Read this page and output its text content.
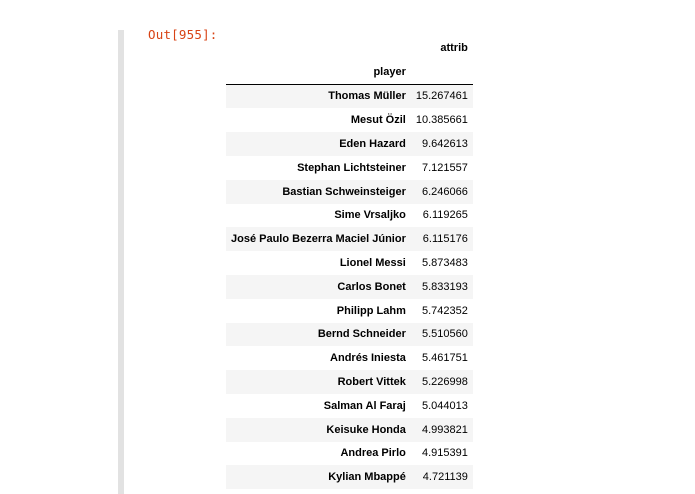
Out[955]:
	attrib
player	
Thomas Müller	15.267461
Mesut Özil	10.385661
Eden Hazard	9.642613
Stephan Lichtsteiner	7.121557
Bastian Schweinsteiger	6.246066
Sime Vrsaljko	6.119265
José Paulo Bezerra Maciel Júnior	6.115176
Lionel Messi	5.873483
Carlos Bonet	5.833193
Philipp Lahm	5.742352
Bernd Schneider	5.510560
Andrés Iniesta	5.461751
Robert Vittek	5.226998
Salman Al Faraj	5.044013
Keisuke Honda	4.993821
Andrea Pirlo	4.915391
Kylian Mbappé	4.721139
